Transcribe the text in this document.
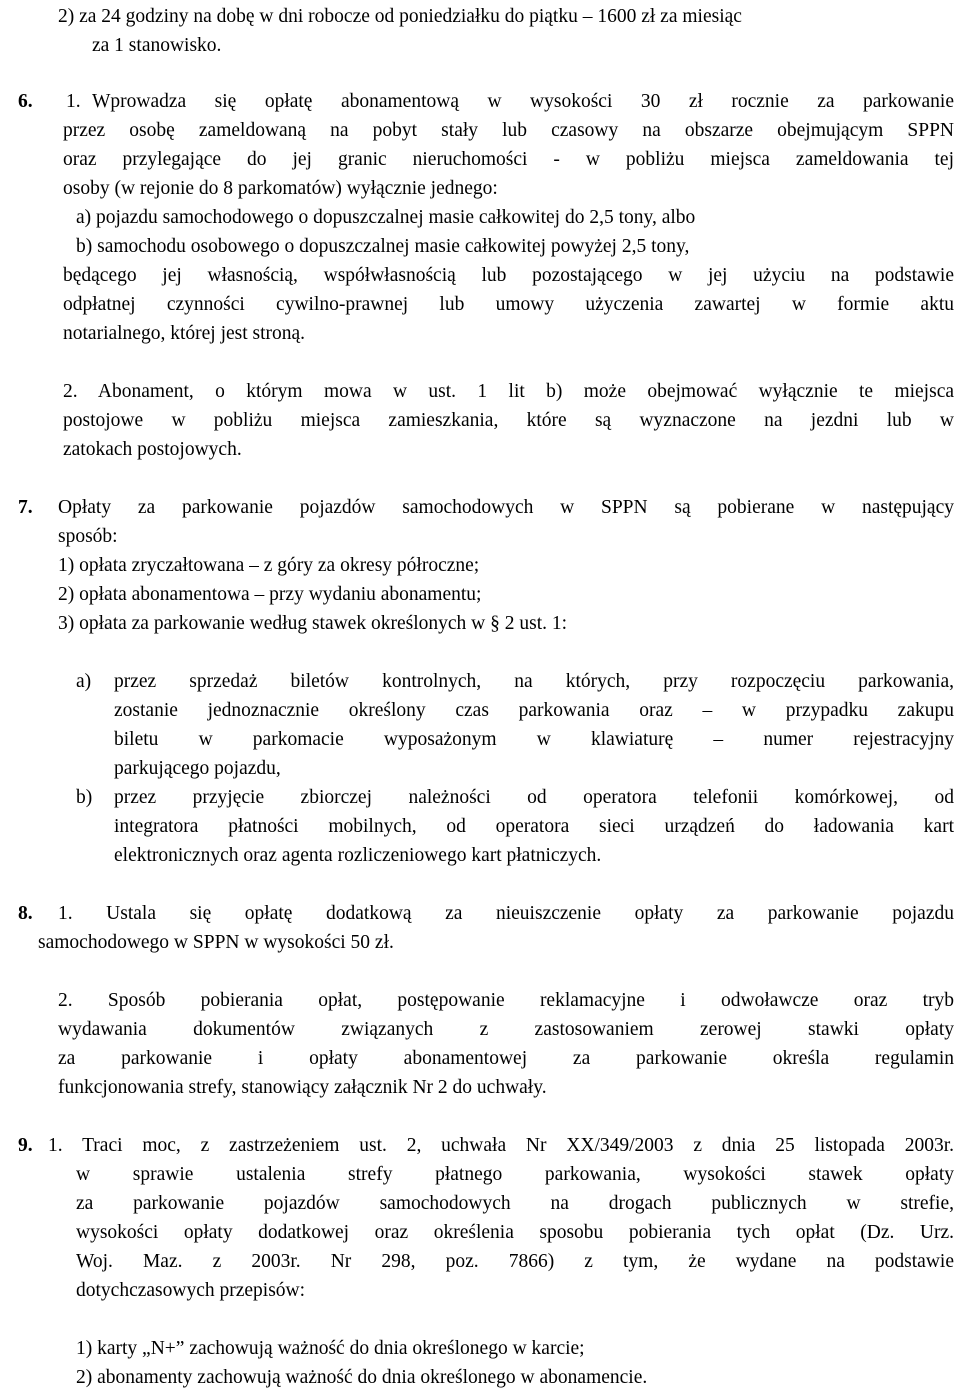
2) za 24 godziny na dobę w dni robocze od poniedziałku do piątku – 1600 zł za miesiąc
za 1 stanowisko.
6. 1. Wprowadza się opłatę abonamentową w wysokości 30 zł rocznie za parkowanie
przez osobę zameldowaną na pobyt stały lub czasowy na obszarze obejmującym SPPN
oraz przylegające do jej granic nieruchomości - w pobliżu miejsca zameldowania tej
osoby (w rejonie do 8 parkomatów) wyłącznie jednego:
a) pojazdu samochodowego o dopuszczalnej masie całkowitej do 2,5 tony, albo
b) samochodu osobowego o dopuszczalnej masie całkowitej powyżej 2,5 tony,
będącego jej własnością, współwłasnością lub pozostającego w jej użyciu na podstawie
odpłatnej czynności cywilno-prawnej lub umowy użyczenia zawartej w formie aktu
notarialnego, której jest stroną.
2. Abonament, o którym mowa w ust. 1 lit b) może obejmować wyłącznie te miejsca
postojowe w pobliżu miejsca zamieszkania, które są wyznaczone na jezdni lub w
zatokach postojowych.
7. Opłaty za parkowanie pojazdów samochodowych w SPPN są pobierane w następujący
sposób:
1) opłata zryczałtowana – z góry za okresy półroczne;
2) opłata abonamentowa – przy wydaniu abonamentu;
3) opłata za parkowanie według stawek określonych w § 2 ust. 1:
a) przez sprzedaż biletów kontrolnych, na których, przy rozpoczęciu parkowania,
zostanie jednoznacznie określony czas parkowania oraz – w przypadku zakupu
biletu w parkomacie wyposażonym w klawiaturę – numer rejestracyjny
parkującego pojazdu,
b) przez przyjęcie zbiorczej należności od operatora telefonii komórkowej, od
integratora płatności mobilnych, od operatora sieci urządzeń do ładowania kart
elektronicznych oraz agenta rozliczeniowego kart płatniczych.
8. 1. Ustala się opłatę dodatkową za nieuiszczenie opłaty za parkowanie pojazdu
samochodowego w SPPN w wysokości 50 zł.
2. Sposób pobierania opłat, postępowanie reklamacyjne i odwoławcze oraz tryb
wydawania dokumentów związanych z zastosowaniem zerowej stawki opłaty
za parkowanie i opłaty abonamentowej za parkowanie określa regulamin
funkcjonowania strefy, stanowiący załącznik Nr 2 do uchwały.
9. 1. Traci moc, z zastrzeżeniem ust. 2, uchwała Nr XX/349/2003 z dnia 25 listopada 2003r.
w sprawie ustalenia strefy płatnego parkowania, wysokości stawek opłaty
za parkowanie pojazdów samochodowych na drogach publicznych w strefie,
wysokości opłaty dodatkowej oraz określenia sposobu pobierania tych opłat (Dz. Urz.
Woj. Maz. z 2003r. Nr 298, poz. 7866) z tym, że wydane na podstawie
dotychczasowych przepisów:
1) karty „N+” zachowują ważność do dnia określonego w karcie;
2) abonamenty zachowują ważność do dnia określonego w abonamencie.
